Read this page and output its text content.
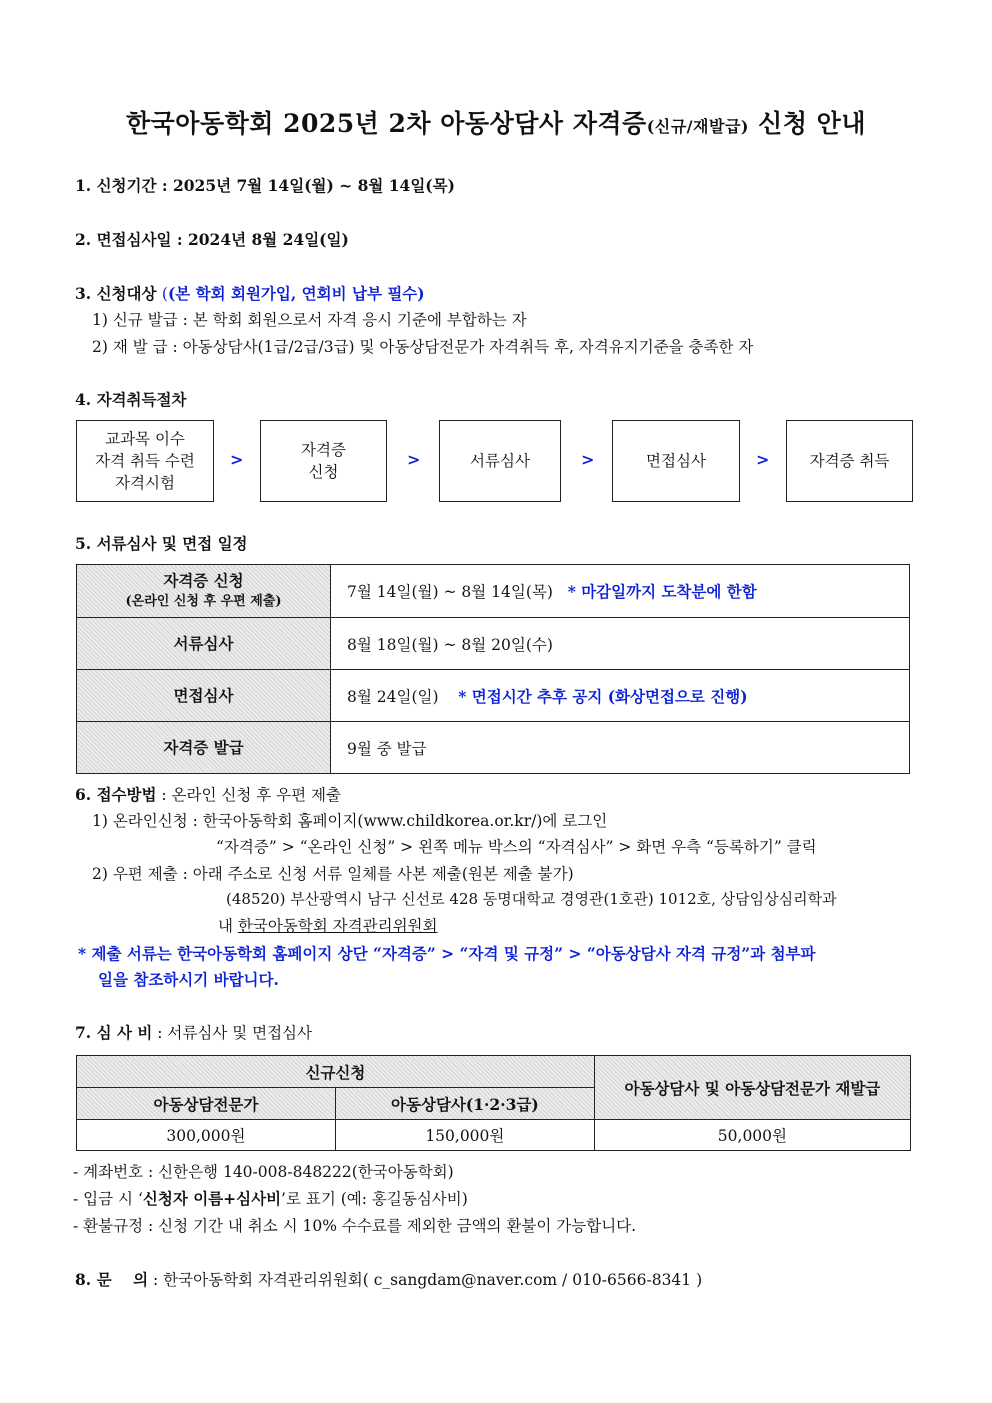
한국아동학회 2025년 2차 아동상담사 자격증(신규/재발급) 신청 안내
1. 신청기간 : 2025년 7월 14일(월) ~ 8월 14일(목)
2. 면접심사일 : 2024년 8월 24일(일)
3. 신청대상 ((본 학회 회원가입, 연회비 납부 필수)
1) 신규 발급 : 본 학회 회원으로서 자격 응시 기준에 부합하는 자
2) 재 발 급 : 아동상담사(1급/2급/3급) 및 아동상담전문가 자격취득 후, 자격유지기준을 충족한 자
4. 자격취득절차
교과목 이수
자격 취득 수련
자격시험
>	자격증
신청
>	서류심사	>	면접심사	>	자격증 취득
5. 서류심사 및 면접 일정
자격증 신청
(온라인 신청 후 우편 제출)	7월 14일(월) ~ 8월 14일(목) * 마감일까지 도착분에 한함
서류심사	8월 18일(월) ~ 8월 20일(수)
면접심사	8월 24일(일) * 면접시간 추후 공지 (화상면접으로 진행)
자격증 발급	9월 중 발급
6. 접수방법 : 온라인 신청 후 우편 제출
1) 온라인신청 : 한국아동학회 홈페이지(www.childkorea.or.kr/)에 로그인
“자격증” > “온라인 신청” > 왼쪽 메뉴 박스의 “자격심사” > 화면 우측 “등록하기” 클릭
2) 우편 제출 : 아래 주소로 신청 서류 일체를 사본 제출(원본 제출 불가)
(48520) 부산광역시 남구 신선로 428 동명대학교 경영관(1호관) 1012호, 상담임상심리학과
내 한국아동학회 자격관리위원회
* 제출 서류는 한국아동학회 홈페이지 상단 “자격증” > “자격 및 규정” > “아동상담사 자격 규정”과 첨부파
일을 참조하시기 바랍니다.
7. 심 사 비 : 서류심사 및 면접심사
신규신청		아동상담사 및 아동상담전문가 재발급
아동상담전문가	아동상담사(1·2·3급)	
300,000원	150,000원	50,000원
- 계좌번호 : 신한은행 140-008-848222(한국아동학회)
- 입금 시 ‘신청자 이름+심사비’로 표기 (예: 홍길동심사비)
- 환불규정 : 신청 기간 내 취소 시 10% 수수료를 제외한 금액의 환불이 가능합니다.
8. 문    의 : 한국아동학회 자격관리위원회( c_sangdam@naver.com / 010-6566-8341 )
